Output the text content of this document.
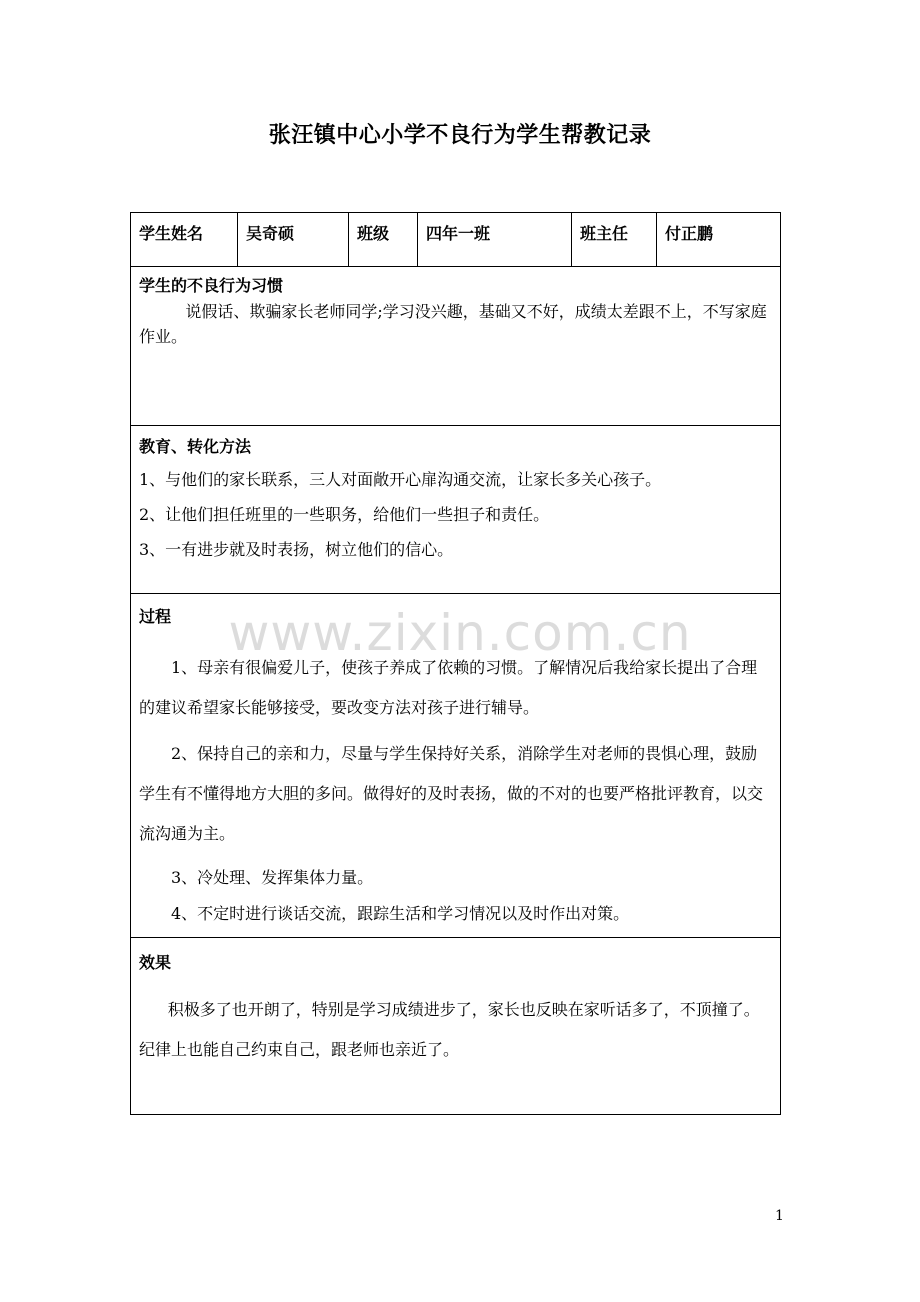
张汪镇中心小学不良行为学生帮教记录
学生姓名	吴奇硕	班级	四年一班	班主任	付正鹏

学生的不良行为习惯

说假话、欺骗家长老师同学;学习没兴趣，基础又不好，成绩太差跟不上，不写家庭作业。

教育、转化方法

1、与他们的家长联系，三人对面敞开心扉沟通交流，让家长多关心孩子。

2、让他们担任班里的一些职务，给他们一些担子和责任。

3、一有进步就及时表扬，树立他们的信心。

过程

1、母亲有很偏爱儿子，使孩子养成了依赖的习惯。了解情况后我给家长提出了合理的建议希望家长能够接受，要改变方法对孩子进行辅导。

2、保持自己的亲和力，尽量与学生保持好关系，消除学生对老师的畏惧心理，鼓励学生有不懂得地方大胆的多问。做得好的及时表扬，做的不对的也要严格批评教育，以交流沟通为主。

3、冷处理、发挥集体力量。

4、不定时进行谈话交流，跟踪生活和学习情况以及时作出对策。

效果

积极多了也开朗了，特别是学习成绩进步了，家长也反映在家听话多了，不顶撞了。纪律上也能自己约束自己，跟老师也亲近了。

www.zixin.com.cn
1
